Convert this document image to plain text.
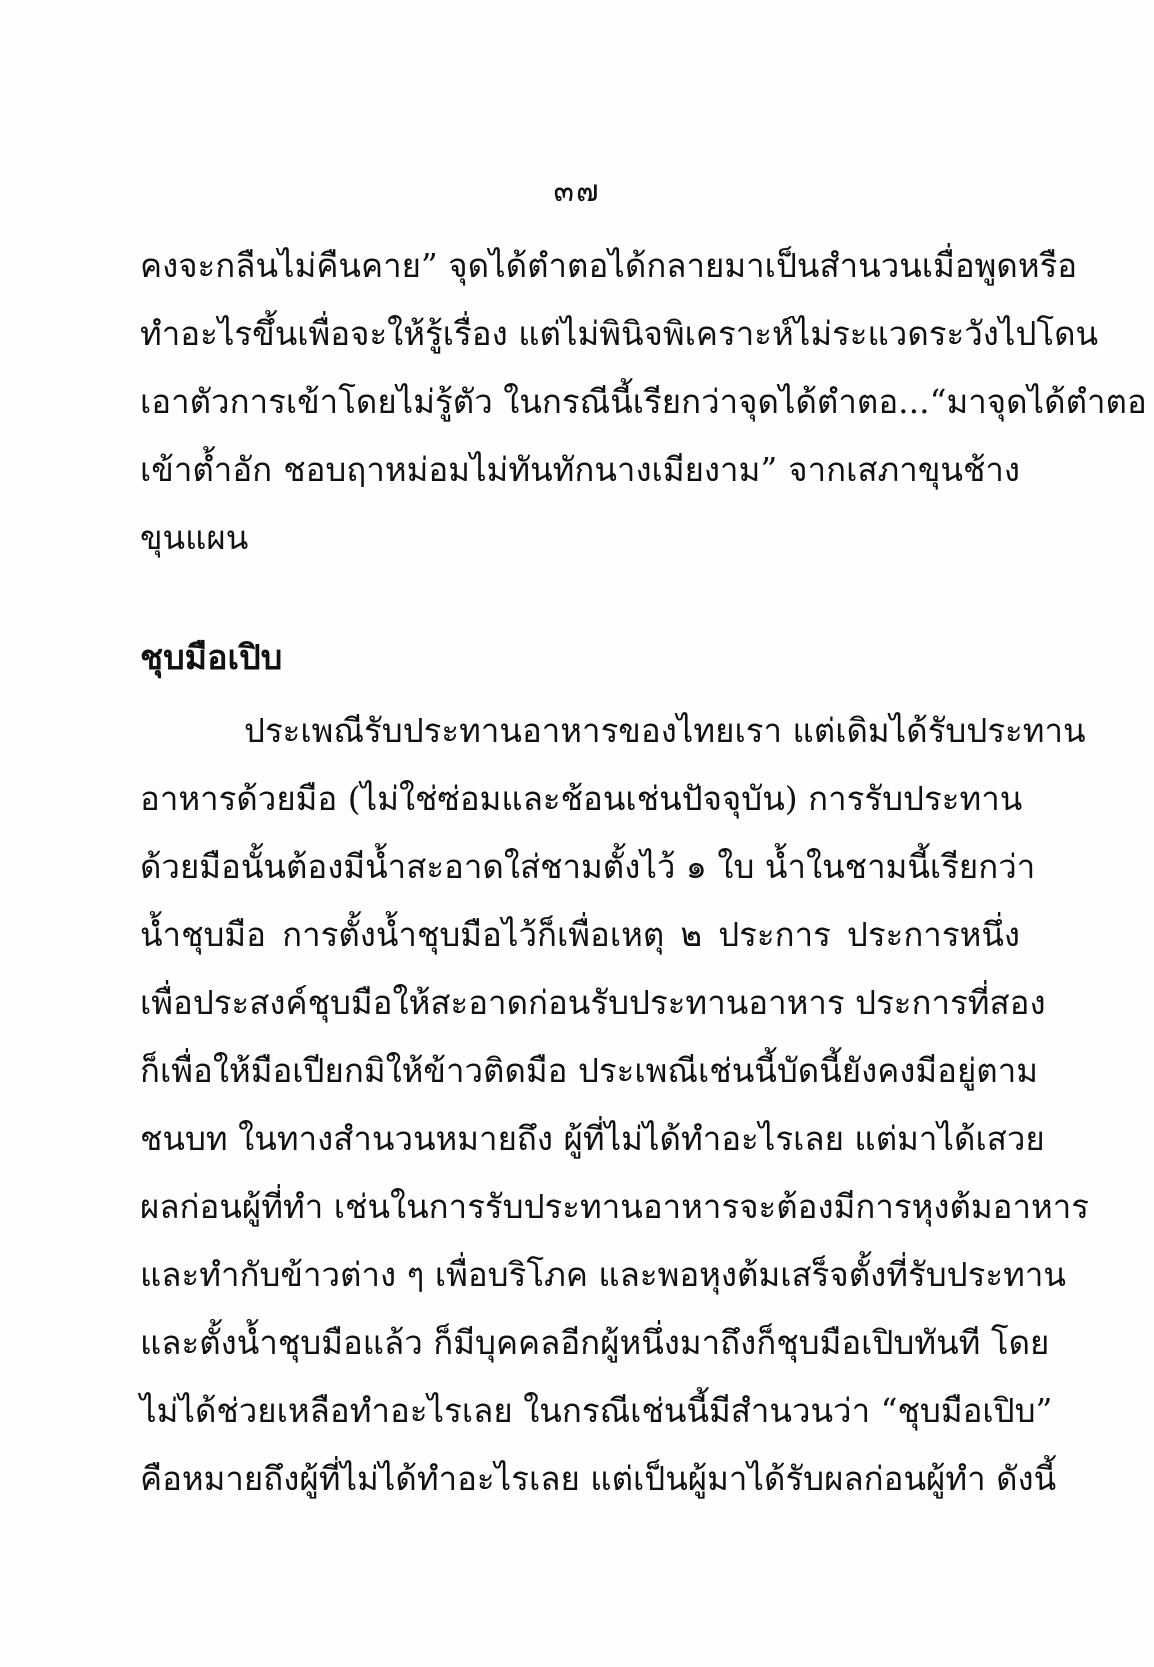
๓๗
คงจะกลืนไม่คืนคาย” จุดได้ตำตอได้กลายมาเป็นสำนวนเมื่อพูดหรือ
ทำอะไรขึ้นเพื่อจะให้รู้เรื่อง แต่ไม่พินิจพิเคราะห์ไม่ระแวดระวังไปโดน
เอาตัวการเข้าโดยไม่รู้ตัว ในกรณีนี้เรียกว่าจุดได้ตำตอ...“มาจุดได้ตำตอ
เข้าต้ำอัก ชอบฤาหม่อมไม่ทันทักนางเมียงาม” จากเสภาขุนช้าง
ขุนแผน
ชุบมือเปิบ
ประเพณีรับประทานอาหารของไทยเรา แต่เดิมได้รับประทาน
อาหารด้วยมือ (ไม่ใช่ซ่อมและช้อนเช่นปัจจุบัน) การรับประทาน
ด้วยมือนั้นต้องมีน้ำสะอาดใส่ชามตั้งไว้ ๑ ใบ น้ำในชามนี้เรียกว่า
น้ำชุบมือ การตั้งน้ำชุบมือไว้ก็เพื่อเหตุ ๒ ประการ ประการหนึ่ง
เพื่อประสงค์ชุบมือให้สะอาดก่อนรับประทานอาหาร ประการที่สอง
ก็เพื่อให้มือเปียกมิให้ข้าวติดมือ ประเพณีเช่นนี้บัดนี้ยังคงมีอยู่ตาม
ชนบท ในทางสำนวนหมายถึง ผู้ที่ไม่ได้ทำอะไรเลย แต่มาได้เสวย
ผลก่อนผู้ที่ทำ เช่นในการรับประทานอาหารจะต้องมีการหุงต้มอาหาร
และทำกับข้าวต่าง ๆ เพื่อบริโภค และพอหุงต้มเสร็จตั้งที่รับประทาน
และตั้งน้ำชุบมือแล้ว ก็มีบุคคลอีกผู้หนึ่งมาถึงก็ชุบมือเปิบทันที โดย
ไม่ได้ช่วยเหลือทำอะไรเลย ในกรณีเช่นนี้มีสำนวนว่า “ชุบมือเปิบ”
คือหมายถึงผู้ที่ไม่ได้ทำอะไรเลย แต่เป็นผู้มาได้รับผลก่อนผู้ทำ ดังนี้
